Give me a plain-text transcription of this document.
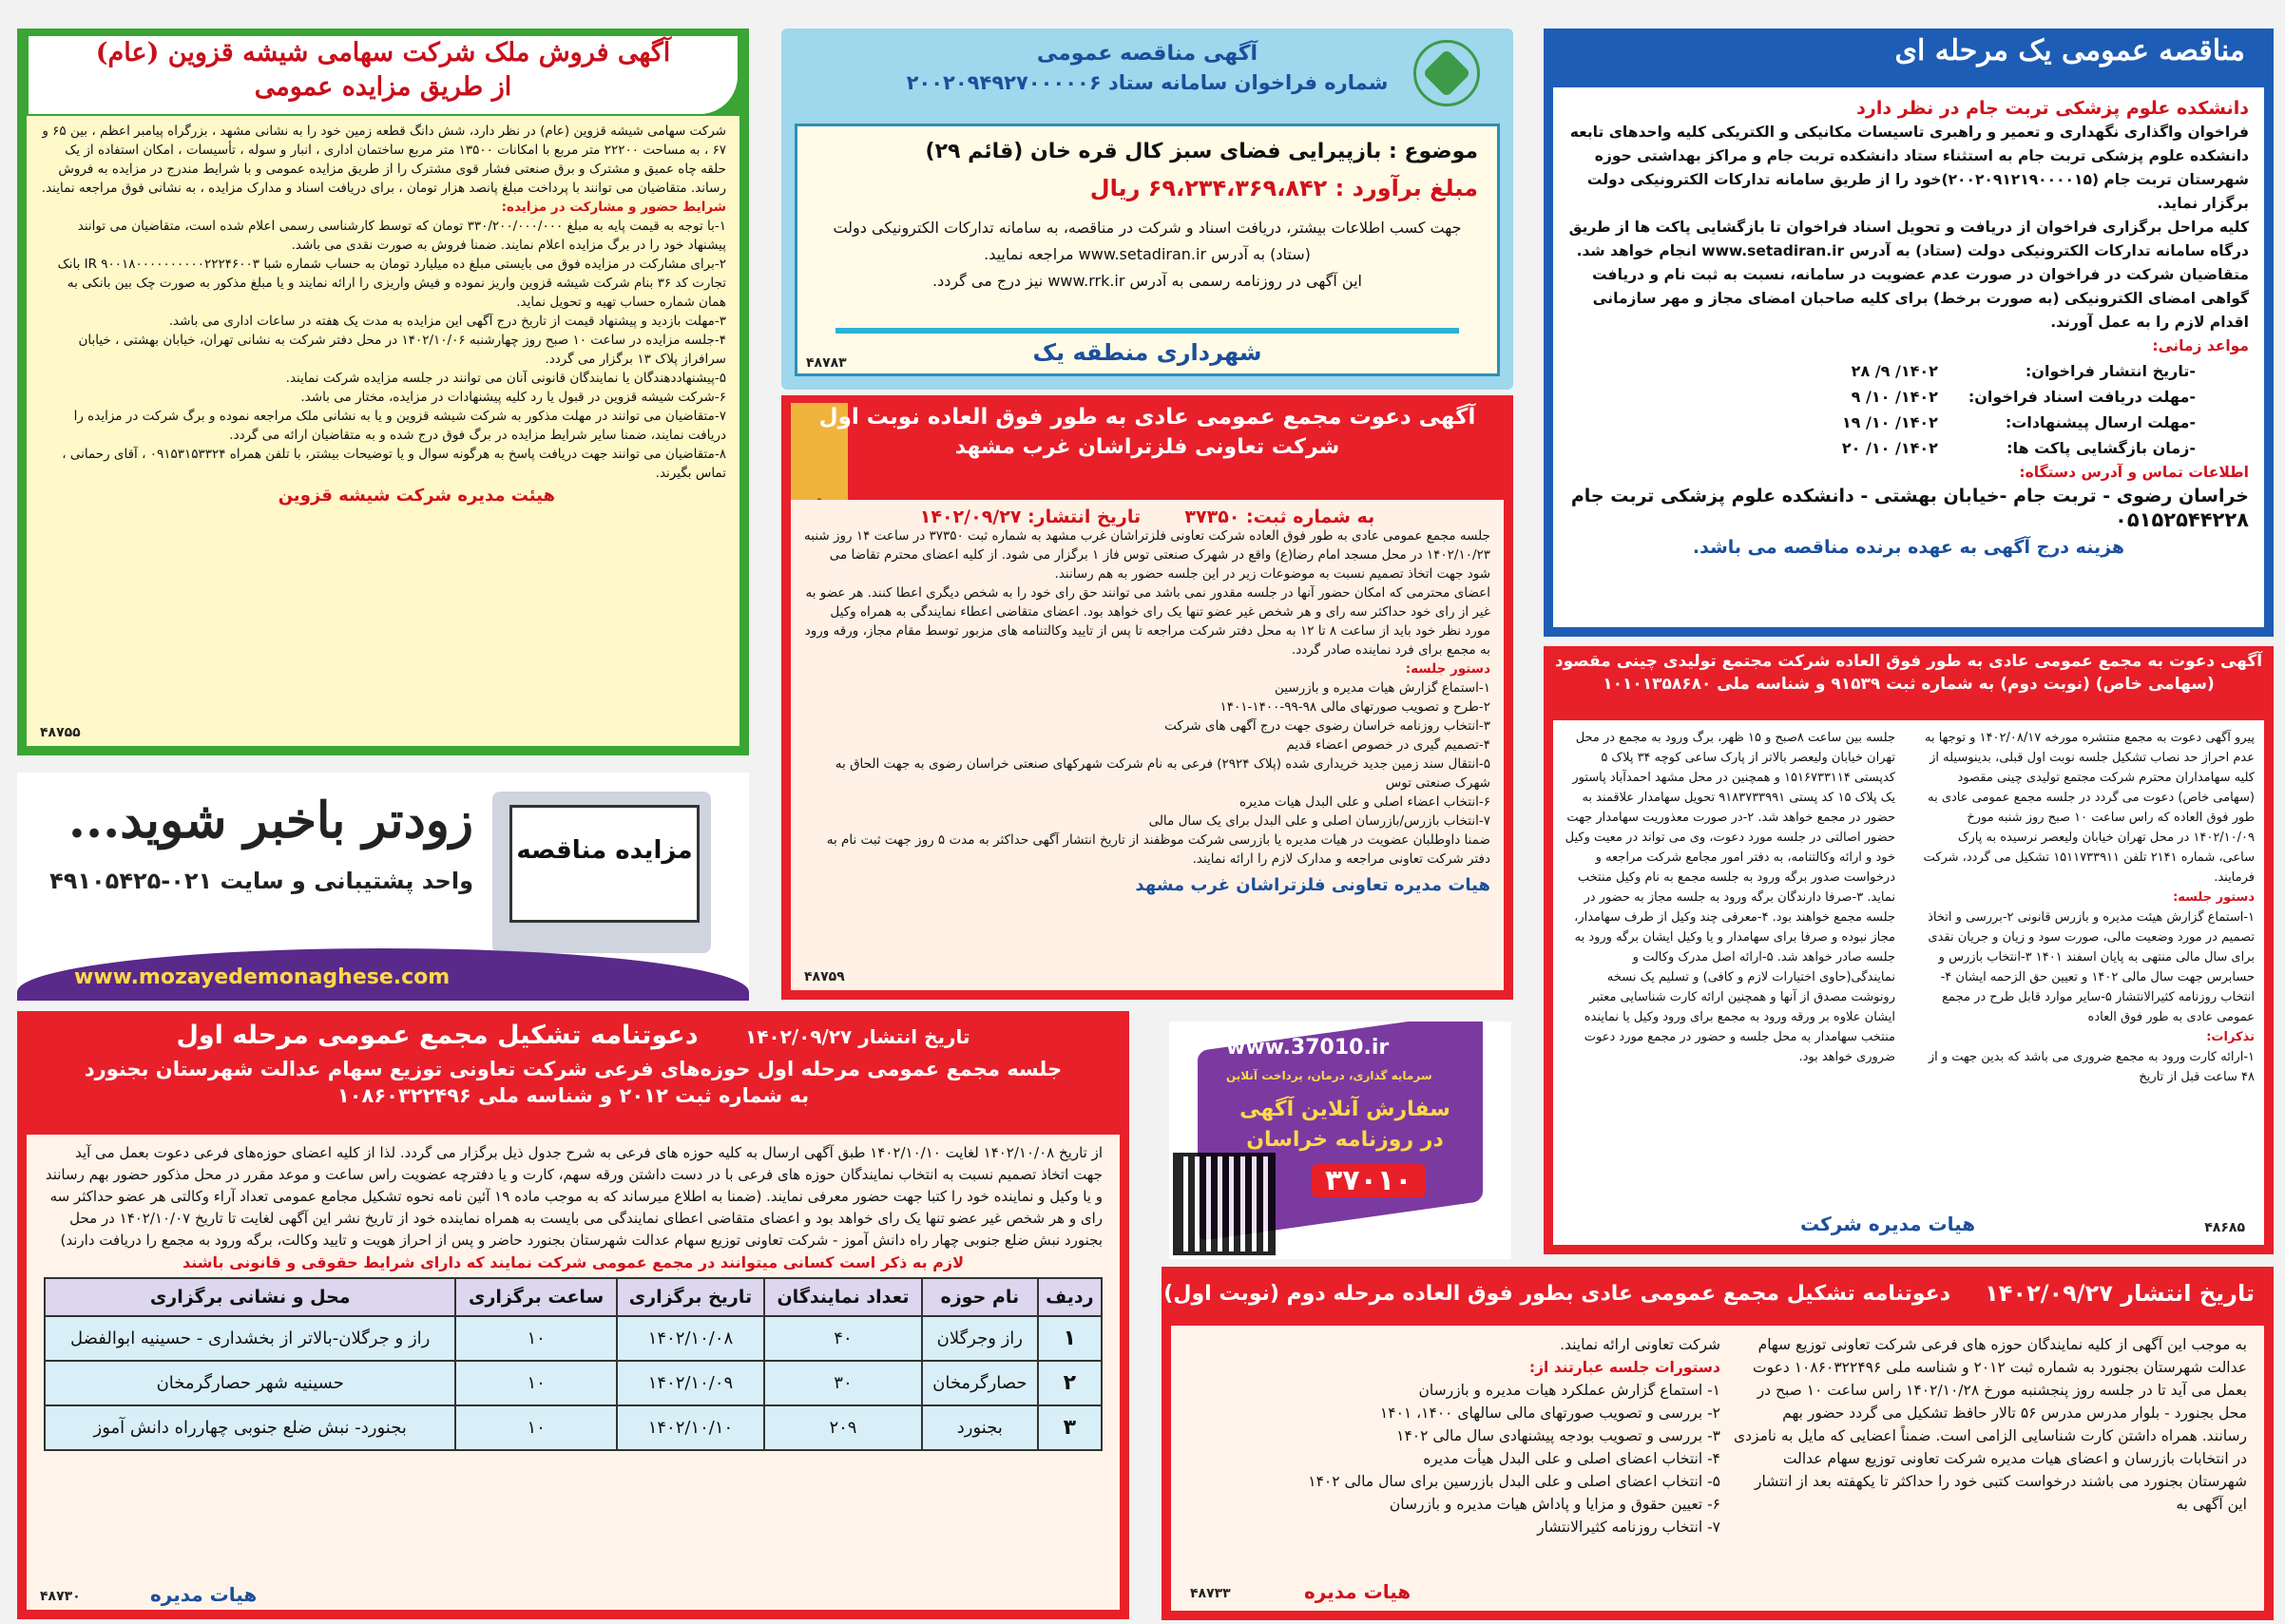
آگهی فروش ملک شرکت سهامی شیشه قزوین (عام)

از طریق مزایده عمومی

شرکت سهامی شیشه قزوین (عام) در نظر دارد، شش دانگ قطعه زمین خود را به نشانی مشهد ، بزرگراه پیامبر اعظم ، بین ۶۵ و ۶۷ ، به مساحت ۲۲۲۰۰ متر مربع با امکانات ۱۳۵۰۰ متر مربع ساختمان اداری ، انبار و سوله ، تأسیسات ، امکان استفاده از یک حلقه چاه عمیق و مشترک و برق صنعتی فشار قوی مشترک را از طریق مزایده عمومی و با شرایط مندرج در مزایده به فروش رساند. متقاضیان می توانند با پرداخت مبلغ پانصد هزار تومان ، برای دریافت اسناد و مدارک مزایده ، به نشانی فوق مراجعه نمایند.

شرایط حضور و مشارکت در مزایده:

۱-با توجه به قیمت پایه به مبلغ ۳۳۰/۲۰۰/۰۰۰/۰۰۰ تومان که توسط کارشناسی رسمی اعلام شده است، متقاضیان می توانند پیشنهاد خود را در برگ مزایده اعلام نمایند. ضمنا فروش به صورت نقدی می باشد.

۲-برای مشارکت در مزایده فوق می بایستی مبلغ ده میلیارد تومان به حساب شماره شبا IR ۹۰۰۱۸۰۰۰۰۰۰۰۰۰۰۲۲۲۴۶۰۰۳ بانک تجارت کد ۳۶ بنام شرکت شیشه قزوین واریز نموده و فیش واریزی را ارائه نمایند و یا مبلغ مذکور به صورت چک بین بانکی به همان شماره حساب تهیه و تحویل نماید.

۳-مهلت بازدید و پیشنهاد قیمت از تاریخ درج آگهی این مزایده به مدت یک هفته در ساعات اداری می باشد.

۴-جلسه مزایده در ساعت ۱۰ صبح روز چهارشنبه ۱۴۰۲/۱۰/۰۶ در محل دفتر شرکت به نشانی تهران، خیابان بهشتی ، خیابان سرافراز پلاک ۱۳ برگزار می گردد.

۵-پیشنهاددهندگان یا نمایندگان قانونی آنان می توانند در جلسه مزایده شرکت نمایند.

۶-شرکت شیشه قزوین در قبول یا رد کلیه پیشنهادات در مزایده، مختار می باشد.

۷-متقاضیان می توانند در مهلت مذکور به شرکت شیشه قزوین و یا به نشانی ملک مراجعه نموده و برگ شرکت در مزایده را دریافت نمایند، ضمنا سایر شرایط مزایده در برگ فوق درج شده و به متقاضیان ارائه می گردد.

۸-متقاضیان می توانند جهت دریافت پاسخ به هرگونه سوال و یا توضیحات بیشتر، با تلفن همراه ۰۹۱۵۳۱۵۳۳۲۴ ، آقای رحمانی ، تماس بگیرند.

هیئت مدیره شرکت شیشه قزوین

۴۸۷۵۵

آگهی مناقصه عمومی

شماره فراخوان سامانه ستاد ۲۰۰۲۰۹۴۹۲۷۰۰۰۰۰۶

موضوع : بازپیرایی فضای سبز کال قره خان (قائم ۲۹)

مبلغ برآورد : ۶۹،۲۳۴،۳۶۹،۸۴۲ ریال

جهت کسب اطلاعات بیشتر، دریافت اسناد و شرکت در مناقصه، به سامانه تدارکات الکترونیکی دولت (ستاد) به آدرس www.setadiran.ir مراجعه نمایید.

این آگهی در روزنامه رسمی به آدرس www.rrk.ir نیز درج می گردد.

شهرداری منطقه یک
۴۸۷۸۳
مناقصه عمومی یک مرحله ای

دانشکده علوم پزشکی تربت جام در نظر دارد

فراخوان واگذاری نگهداری و تعمیر و راهبری تاسیسات مکانیکی و الکتریکی کلیه واحدهای تابعه دانشکده علوم پزشکی تربت جام به استثناء ستاد دانشکده تربت جام و مراکز بهداشتی حوزه شهرستان تربت جام (۲۰۰۲۰۹۱۲۱۹۰۰۰۰۱۵)خود را از طریق سامانه تدارکات الکترونیکی دولت برگزار نماید.

کلیه مراحل برگزاری فراخوان از دریافت و تحویل اسناد فراخوان تا بازگشایی پاکت ها از طریق درگاه سامانه تدارکات الکترونیکی دولت (ستاد) به آدرس www.setadiran.ir انجام خواهد شد.

متقاضیان شرکت در فراخوان در صورت عدم عضویت در سامانه، نسبت به ثبت نام و دریافت گواهی امضای الکترونیکی (به صورت برخط) برای کلیه صاحبان امضای مجاز و مهر سازمانی اقدام لازم را به عمل آورند.

مواعد زمانی:

-تاریخ انتشار فراخوان:	۱۴۰۲/ ۹/ ۲۸
-مهلت دریافت اسناد فراخوان:	۱۴۰۲/ ۱۰/ ۹
-مهلت ارسال پیشنهادات:	۱۴۰۲/ ۱۰/ ۱۹
-زمان بازگشایی پاکت ها:	۱۴۰۲/ ۱۰/ ۲۰

اطلاعات تماس و آدرس دستگاه:

خراسان رضوی - تربت جام -خیابان بهشتی - دانشکده علوم پزشکی تربت جام

۰۵۱۵۲۵۴۴۲۲۸

هزینه درج آگهی به عهده برنده مناقصه می باشد.

۴۸۷۸۸

آگهی دعوت به مجمع عمومی عادی به طور فوق العاده شرکت مجتمع تولیدی چینی مقصود

(سهامی خاص) (نوبت دوم) به شماره ثبت ۹۱۵۳۹ و شناسه ملی ۱۰۱۰۱۳۵۸۶۸۰

پیرو آگهی دعوت به مجمع منتشره مورخه ۱۴۰۲/۰۸/۱۷ و توجها به عدم احراز حد نصاب تشکیل جلسه نوبت اول قبلی، بدینوسیله از کلیه سهامداران محترم شرکت مجتمع تولیدی چینی مقصود (سهامی خاص) دعوت می گردد در جلسه مجمع عمومی عادی به طور فوق العاده که راس ساعت ۱۰ صبح روز شنبه مورخ ۱۴۰۲/۱۰/۰۹ در محل تهران خیابان ولیعصر نرسیده به پارک ساعی، شماره ۲۱۴۱ تلفن ۱۵۱۱۷۳۳۹۱۱ تشکیل می گردد، شرکت فرمایند.

دستور جلسه:

۱-استماع گزارش هیئت مدیره و بازرس قانونی ۲-بررسی و اتخاذ تصمیم در مورد وضعیت مالی، صورت سود و زیان و جریان نقدی برای سال مالی منتهی به پایان اسفند ۱۴۰۱ ۳-انتخاب بازرس و حسابرس جهت سال مالی ۱۴۰۲ و تعیین حق الزحمه ایشان ۴-انتخاب روزنامه کثیرالانتشار ۵-سایر موارد قابل طرح در مجمع عمومی عادی به طور فوق العاده

تذکرات:

۱-ارائه کارت ورود به مجمع ضروری می باشد که بدین جهت و از ۴۸ ساعت قبل از تاریخ

جلسه بین ساعت ۸صبح و ۱۵ ظهر، برگ ورود به مجمع در محل تهران خیابان ولیعصر بالاتر از پارک ساعی کوچه ۳۴ پلاک ۵ کدپستی ۱۵۱۶۷۳۳۱۱۴ و همچنین در محل مشهد احمدآباد پاستور یک پلاک ۱۵ کد پستی ۹۱۸۳۷۳۳۹۹۱ تحویل سهامدار علاقمند به حضور در مجمع خواهد شد. ۲-در صورت معذوریت سهامدار جهت حضور اصالتی در جلسه مورد دعوت، وی می تواند در معیت وکیل خود و ارائه وکالتنامه، به دفتر امور مجامع شرکت مراجعه و درخواست صدور برگه ورود به جلسه مجمع به نام وکیل منتخب نماید. ۳-صرفا دارندگان برگه ورود به جلسه مجاز به حضور در جلسه مجمع خواهند بود. ۴-معرفی چند وکیل از طرف سهامدار، مجاز نبوده و صرفا برای سهامدار و یا وکیل ایشان برگه ورود به جلسه صادر خواهد شد. ۵-ارائه اصل مدرک وکالت و نمایندگی(حاوی اختیارات لازم و کافی) و تسلیم یک نسخه رونوشت مصدق از آنها و همچنین ارائه کارت شناسایی معتبر ایشان علاوه بر ورقه ورود به مجمع برای ورود وکیل یا نماینده منتخب سهامدار به محل جلسه و حضور در مجمع مورد دعوت ضروری خواهد بود.

هیات مدیره شرکت	۴۸۶۸۵

آگهی دعوت مجمع عمومی عادی به طور فوق العاده نوبت اول

شرکت تعاونی فلزتراشان غرب مشهد

به شماره ثبت: ۳۷۳۵۰       تاریخ انتشار: ۱۴۰۲/۰۹/۲۷

جلسه مجمع عمومی عادی به طور فوق العاده شرکت تعاونی فلزتراشان غرب مشهد به شماره ثبت ۳۷۳۵۰ در ساعت ۱۴ روز شنبه ۱۴۰۲/۱۰/۲۳ در محل مسجد امام رضا(ع) واقع در شهرک صنعتی توس فاز ۱ برگزار می شود. از کلیه اعضای محترم تقاضا می شود جهت اتخاذ تصمیم نسبت به موضوعات زیر در این جلسه حضور به هم رسانند.

اعضای محترمی که امکان حضور آنها در جلسه مقدور نمی باشد می توانند حق رای خود را به شخص دیگری اعطا کنند. هر عضو به غیر از رای خود حداکثر سه رای و هر شخص غیر عضو تنها یک رای خواهد بود. اعضای متقاضی اعطاء نمایندگی به همراه وکیل مورد نظر خود باید از ساعت ۸ تا ۱۲ به محل دفتر شرکت مراجعه تا پس از تایید وکالتنامه های مزبور توسط مقام مجاز، ورقه ورود به مجمع برای فرد نماینده صادر گردد.

دستور جلسه:

۱-استماع گزارش هیات مدیره و بازرسین

۲-طرح و تصویب صورتهای مالی ۹۸-۹۹-۱۴۰۰-۱۴۰۱

۳-انتخاب روزنامه خراسان رضوی جهت درج آگهی های شرکت

۴-تصمیم گیری در خصوص اعضاء قدیم

۵-انتقال سند زمین جدید خریداری شده (پلاک ۲۹۲۴) فرعی به نام شرکت شهرکهای صنعتی خراسان رضوی به جهت الحاق به شهرک صنعتی توس

۶-انتخاب اعضاء اصلی و علی البدل هیات مدیره

۷-انتخاب بازرس/بازرسان اصلی و علی البدل برای یک سال مالی

ضمنا داوطلبان عضویت در هیات مدیره یا بازرسی شرکت موظفند از تاریخ انتشار آگهی حداکثر به مدت ۵ روز جهت ثبت نام به دفتر شرکت تعاونی مراجعه و مدارک لازم را ارائه نمایند.

هیات مدیره تعاونی فلزتراشان غرب مشهد

۴۸۷۵۹
مزایده مناقصه
زودتر باخبر شوید...
واحد پشتیبانی و سایت ۰۲۱-۴۹۱۰۵۴۲۵
www.mozayedemonaghese.com

تاریخ انتشار ۱۴۰۲/۰۹/۲۷ دعوتنامه تشکیل مجمع عمومی مرحله اول

جلسه مجمع عمومی مرحله اول حوزه‌های فرعی شرکت تعاونی توزیع سهام عدالت شهرستان بجنورد

به شماره ثبت ۲۰۱۲ و شناسه ملی ۱۰۸۶۰۳۲۲۴۹۶

از تاریخ ۱۴۰۲/۱۰/۰۸ لغایت ۱۴۰۲/۱۰/۱۰ طبق آگهی ارسال به کلیه حوزه های فرعی به شرح جدول ذیل برگزار می گردد. لذا از کلیه اعضای حوزه‌های فرعی دعوت بعمل می آید جهت اتخاذ تصمیم نسبت به انتخاب نمایندگان حوزه های فرعی با در دست داشتن ورقه سهم، کارت و یا دفترچه عضویت راس ساعت و موعد مقرر در محل مذکور حضور بهم رسانند و یا وکیل و نماینده خود را کتبا جهت حضور معرفی نمایند. (ضمنا به اطلاع میرساند که به موجب ماده ۱۹ آئین نامه نحوه تشکیل مجامع عمومی تعداد آراء وکالتی هر عضو حداکثر سه رای و هر شخص غیر عضو تنها یک رای خواهد بود و اعضای متقاضی اعطای نمایندگی می بایست به همراه نماینده خود از تاریخ نشر این آگهی لغایت تا تاریخ ۱۴۰۲/۱۰/۰۷ در محل بجنورد نبش ضلع جنوبی چهار راه دانش آموز - شرکت تعاونی توزیع سهام عدالت شهرستان بجنورد حاضر و پس از احراز هویت و تایید وکالت، برگه ورود به مجمع را دریافت دارند)

لازم به ذکر است کسانی میتوانند در مجمع عمومی شرکت نمایند که دارای شرایط حقوقی و قانونی باشند

ردیف	نام حوزه	تعداد نمایندگان	تاریخ برگزاری	ساعت برگزاری	محل و نشانی برگزاری
۱	راز وجرگلان	۴۰	۱۴۰۲/۱۰/۰۸	۱۰	راز و جرگلان-بالاتر از بخشداری - حسینیه ابوالفضل
۲	حصارگرمخان	۳۰	۱۴۰۲/۱۰/۰۹	۱۰	حسینیه شهر حصارگرمخان
۳	بجنورد	۲۰۹	۱۴۰۲/۱۰/۱۰	۱۰	بجنورد- نبش ضلع جنوبی چهارراه دانش آموز
هیات مدیره
۴۸۷۳۰
www.37010.ir
سرمایه گذاری، درمان، پرداخت آنلاین
سفارش آنلاین آگهی
در روزنامه خراسان
۳۷۰۱۰
تاریخ انتشار ۱۴۰۲/۰۹/۲۷
دعوتنامه تشکیل مجمع عمومی عادی بطور فوق العاده مرحله دوم (نوبت اول)

به موجب این آگهی از کلیه نمایندگان حوزه های فرعی شرکت تعاونی توزیع سهام عدالت شهرستان بجنورد به شماره ثبت ۲۰۱۲ و شناسه ملی ۱۰۸۶۰۳۲۲۴۹۶ دعوت بعمل می آید تا در جلسه روز پنجشنبه مورخ ۱۴۰۲/۱۰/۲۸ راس ساعت ۱۰ صبح در محل بجنورد - بلوار مدرس مدرس ۵۶ تالار حافظ تشکیل می گردد حضور بهم رسانند. همراه داشتن کارت شناسایی الزامی است. ضمناً اعضایی که مایل به نامزدی در انتخابات بازرسان و اعضای هیات مدیره شرکت تعاونی توزیع سهام عدالت شهرستان بجنورد می باشند درخواست کتبی خود را حداکثر تا یکهفته بعد از انتشار این آگهی به

شرکت تعاونی ارائه نمایند.

دستورات جلسه عبارتند از:

۱- استماع گزارش عملکرد هیات مدیره و بازرسان

۲- بررسی و تصویب صورتهای مالی سالهای ۱۴۰۰، ۱۴۰۱

۳- بررسی و تصویب بودجه پیشنهادی سال مالی ۱۴۰۲

۴- انتخاب اعضای اصلی و علی البدل هیأت مدیره

۵- انتخاب اعضای اصلی و علی البدل بازرسین برای سال مالی ۱۴۰۲

۶- تعیین حقوق و مزایا و پاداش هیات مدیره و بازرسان

۷- انتخاب روزنامه کثیرالانتشار

هیات مدیره
۴۸۷۳۳
